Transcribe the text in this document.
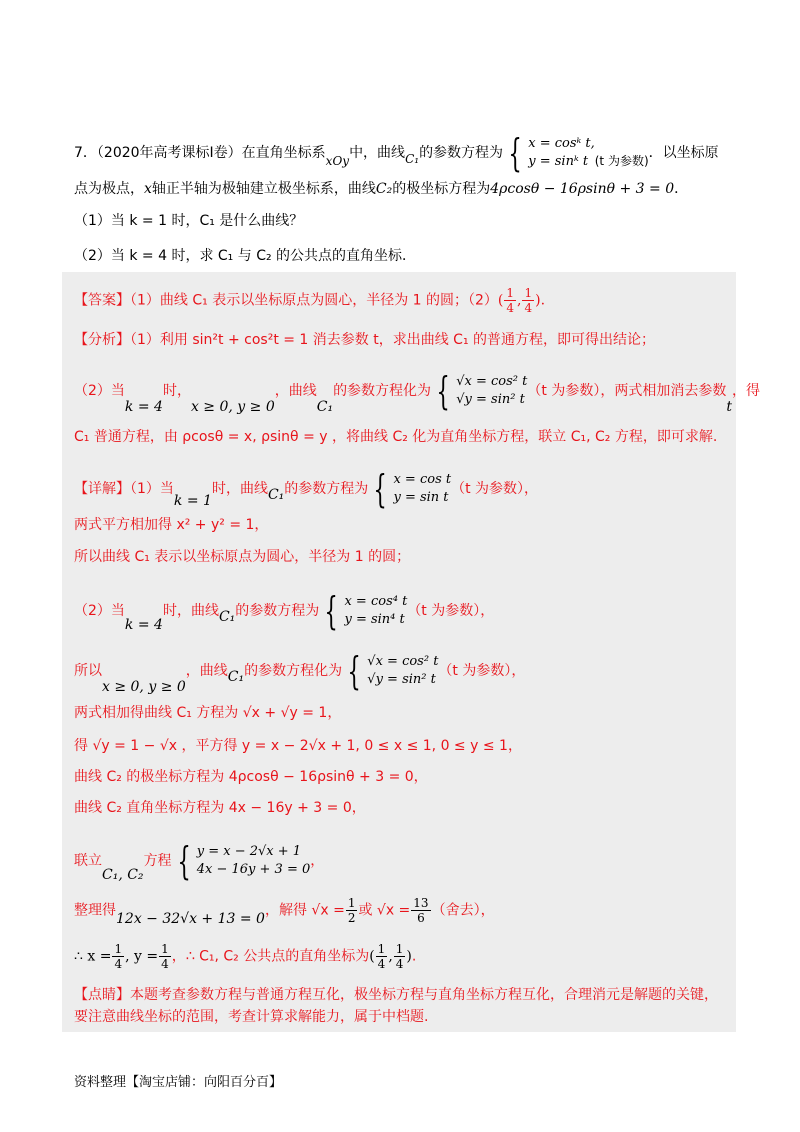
7．（2020年高考课标Ⅰ卷）在直角坐标系xOy中，曲线C₁的参数方程为 { x = cosᵏ t,
y = sinᵏ t (t 为参数)．以坐标原
点为极点，x轴正半轴为极轴建立极坐标系，曲线C₂的极坐标方程为4ρcosθ − 16ρsinθ + 3 = 0．
（1）当 k = 1 时，C₁ 是什么曲线？
（2）当 k = 4 时，求 C₁ 与 C₂ 的公共点的直角坐标．
【答案】（1）曲线 C₁ 表示以坐标原点为圆心，半径为 1 的圆；$(2)( \frac{1}{4}$ , $\frac{1}{4}$ ).
【分析】（1）利用 sin²t + cos²t = 1 消去参数 t，求出曲线 C₁ 的普通方程，即可得出结论；
（2）当k = 4时，x ≥ 0, y ≥ 0，曲线C₁的参数方程化为 { √x = cos² t
√y = sin² t
（t 为参数），两式相加消去参数t，得
C₁ 普通方程，由 ρcosθ = x, ρsinθ = y ，将曲线 C₂ 化为直角坐标方程，联立 C₁, C₂ 方程，即可求解.
【详解】（1）当k = 1时，曲线C₁的参数方程为 { x = cos t
y = sin t
（t 为参数），
两式平方相加得 x² + y² = 1，
所以曲线 C₁ 表示以坐标原点为圆心，半径为 1 的圆；
（2）当k = 4时，曲线C₁的参数方程为 { x = cos⁴ t
y = sin⁴ t
（t 为参数），
所以x ≥ 0, y ≥ 0，曲线C₁的参数方程化为 { √x = cos² t
√y = sin² t
（t 为参数），
两式相加得曲线 C₁ 方程为 √x + √y = 1，
得 √y = 1 − √x ，平方得 y = x − 2√x + 1, 0 ≤ x ≤ 1, 0 ≤ y ≤ 1，
曲线 C₂ 的极坐标方程为 4ρcosθ − 16ρsinθ + 3 = 0，
曲线 C₂ 直角坐标方程为 4x − 16y + 3 = 0，
联立C₁, C₂方程 { y = x − 2√x + 1
4x − 16y + 3 = 0
，
整理得12x − 32√x + 13 = 0，解得 $√x = \frac{1}{2}$ 或 $√x = \frac{13}{6}$ （舍去），
∴ $x = \frac{1}{4}$ , $y = \frac{1}{4}$ ，∴ C₁, C₂ 公共点的直角坐标为( $\frac{1}{4}$ , $\frac{1}{4}$ ).
【点睛】本题考查参数方程与普通方程互化，极坐标方程与直角坐标方程互化，合理消元是解题的关键，
要注意曲线坐标的范围，考查计算求解能力，属于中档题.
资料整理【淘宝店铺：向阳百分百】
